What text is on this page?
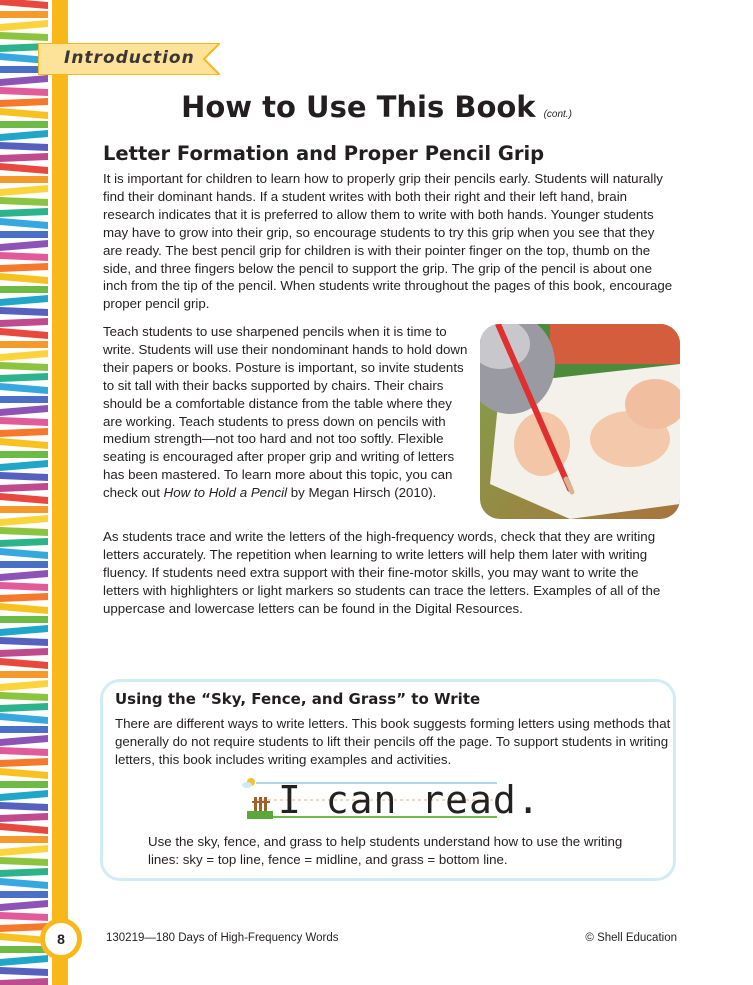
Introduction
How to Use This Book (cont.)
Letter Formation and Proper Pencil Grip

It is important for children to learn how to properly grip their pencils early. Students will naturally find their dominant hands. If a student writes with both their right and their left hand, brain research indicates that it is preferred to allow them to write with both hands. Younger students may have to grow into their grip, so encourage students to try this grip when you see that they are ready. The best pencil grip for children is with their pointer finger on the top, thumb on the side, and three fingers below the pencil to support the grip. The grip of the pencil is about one inch from the tip of the pencil. When students write throughout the pages of this book, encourage proper pencil grip.

Teach students to use sharpened pencils when it is time to write. Students will use their nondominant hands to hold down their papers or books. Posture is important, so invite students to sit tall with their backs supported by chairs. Their chairs should be a comfortable distance from the table where they are working. Teach students to press down on pencils with medium strength—not too hard and not too softly. Flexible seating is encouraged after proper grip and writing of letters has been mastered. To learn more about this topic, you can check out How to Hold a Pencil by Megan Hirsch (2010).

As students trace and write the letters of the high-frequency words, check that they are writing letters accurately. The repetition when learning to write letters will help them later with writing fluency. If students need extra support with their fine-motor skills, you may want to write the letters with highlighters or light markers so students can trace the letters. Examples of all of the uppercase and lowercase letters can be found in the Digital Resources.

Using the “Sky, Fence, and Grass” to Write

There are different ways to write letters. This book suggests forming letters using methods that generally do not require students to lift their pencils off the page. To support students in writing letters, this book includes writing examples and activities.

I can read.

Use the sky, fence, and grass to help students understand how to use the writing lines: sky = top line, fence = midline, and grass = bottom line.

8	130219—180 Days of High-Frequency Words	© Shell Education
